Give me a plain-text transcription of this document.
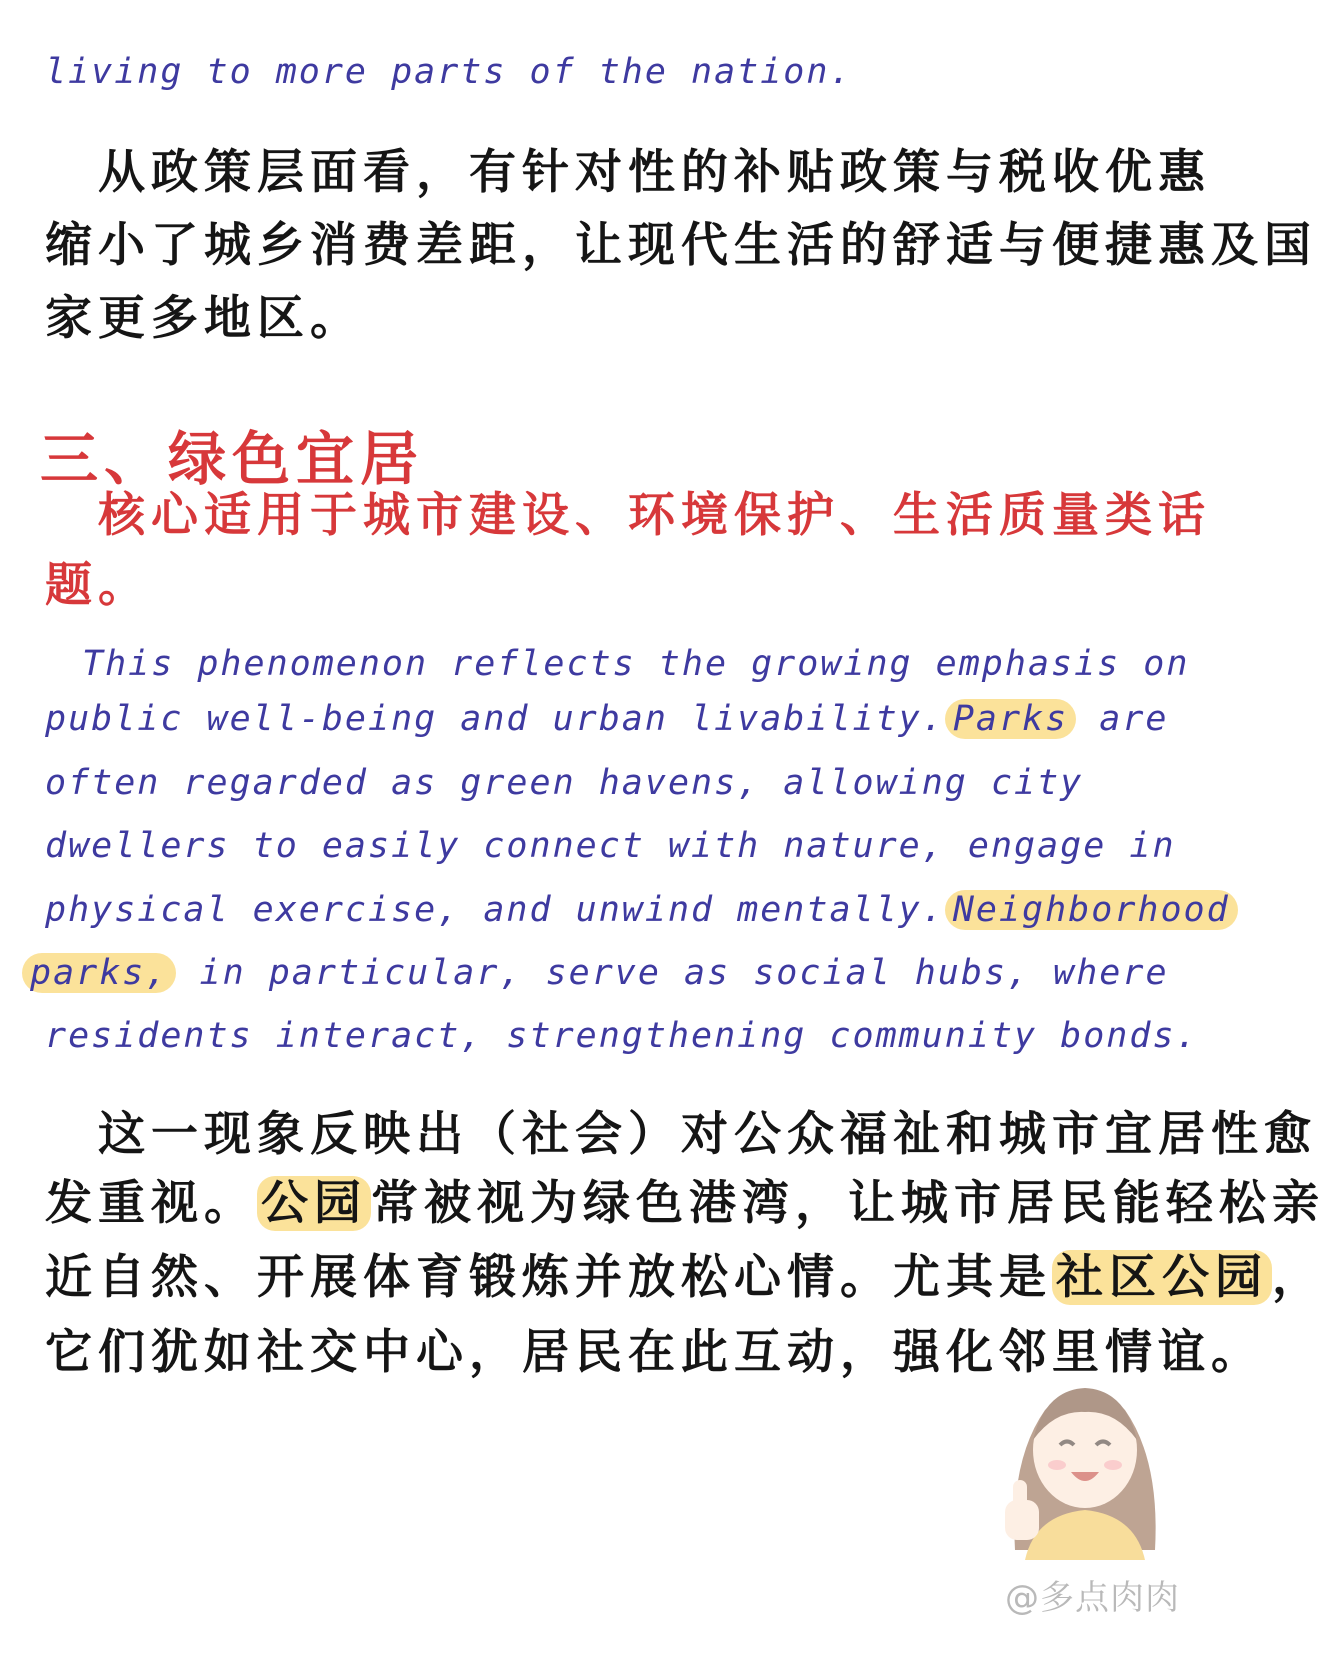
living to more parts of the nation.

　从政策层面看，有针对性的补贴政策与税收优惠

缩小了城乡消费差距，让现代生活的舒适与便捷惠及国

家更多地区。

三、绿色宜居

　核心适用于城市建设、环境保护、生活质量类话

题。

　This phenomenon reflects the growing emphasis on

public well-being and urban livability. Parks are

often regarded as green havens, allowing city

dwellers to easily connect with nature, engage in

physical exercise, and unwind mentally. Neighborhood

parks, in particular, serve as social hubs, where

residents interact, strengthening community bonds.

　这一现象反映出（社会）对公众福祉和城市宜居性愈

发重视。公园常被视为绿色港湾，让城市居民能轻松亲

近自然、开展体育锻炼并放松心情。尤其是社区公园，

它们犹如社交中心，居民在此互动，强化邻里情谊。

@多点肉肉
